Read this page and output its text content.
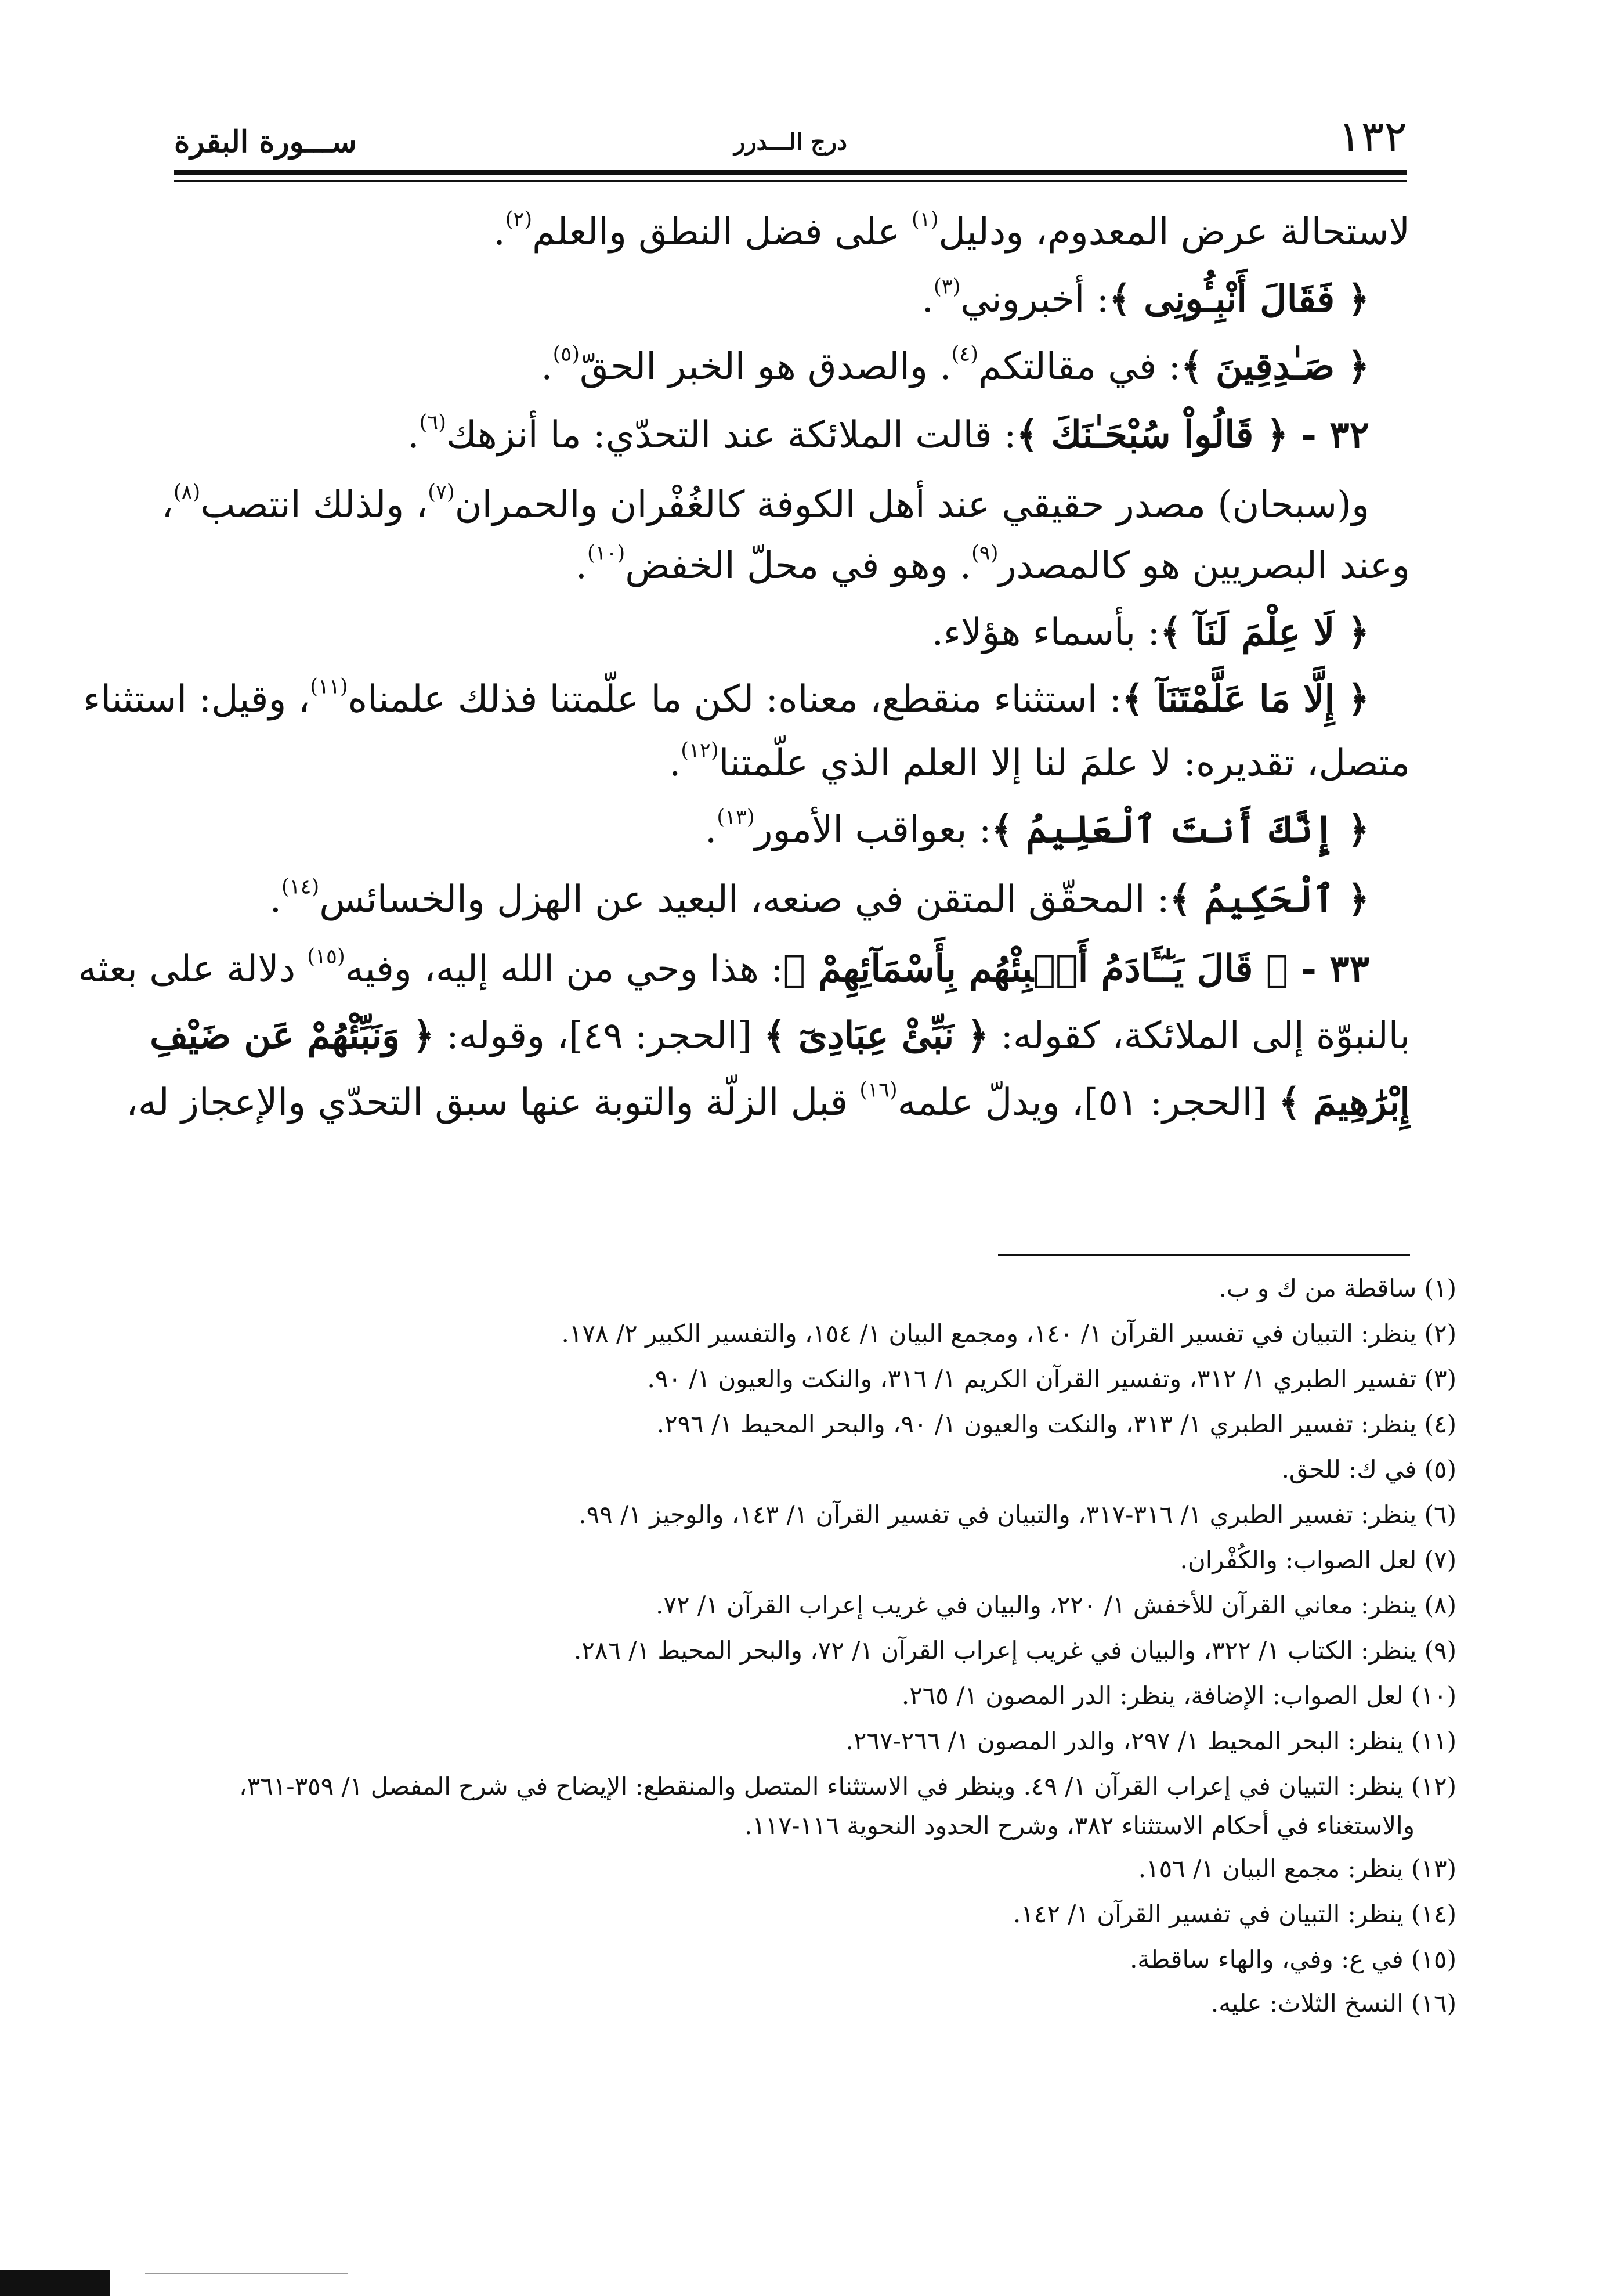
١٣٢
درج الـــدرر
ســـورة البقرة
لاستحالة عرض المعدوم، ودليل$^{(١)}$ على فضل النطق والعلم$^{(٢)}$.
﴿ فَقَالَ أَنْبِـُٔونِى ﴾: أخبروني$^{(٣)}$.
﴿ صَـٰدِقِينَ ﴾: في مقالتكم$^{(٤)}$. والصدق هو الخبر الحقّ$^{(٥)}$.
٣٢ - ﴿ قَالُواْ سُبْحَـٰنَكَ ﴾: قالت الملائكة عند التحدّي: ما أنزهك$^{(٦)}$.
و(سبحان) مصدر حقيقي عند أهل الكوفة كالغُفْران والحمران$^{(٧)}$، ولذلك انتصب$^{(٨)}$،
وعند البصريين هو كالمصدر$^{(٩)}$. وهو في محلّ الخفض$^{(١٠)}$.
﴿ لَا عِلْمَ لَنَآ ﴾: بأسماء هؤلاء.
﴿ إِلَّا مَا عَلَّمْتَنَآ ﴾: استثناء منقطع، معناه: لكن ما علّمتنا فذلك علمناه$^{(١١)}$، وقيل: استثناء
متصل، تقديره: لا علمَ لنا إلا العلم الذي علّمتنا$^{(١٢)}$.
﴿ إِنَّكَ أَنتَ ٱلْعَلِيمُ ﴾: بعواقب الأمور$^{(١٣)}$.
﴿ ٱلْحَكِيمُ ﴾: المحقّق المتقن في صنعه، البعيد عن الهزل والخسائس$^{(١٤)}$.
٣٣ - ﴿ قَالَ يَـٰٓـَٔادَمُ أَنۢبِئْهُم بِأَسْمَآئِهِمْ ﴾: هذا وحي من الله إليه، وفيه$^{(١٥)}$ دلالة على بعثه
بالنبوّة إلى الملائكة، كقوله: ﴿ نَبِّئْ عِبَادِىٓ ﴾ [الحجر: ٤٩]، وقوله: ﴿ وَنَبِّئْهُمْ عَن ضَيْفِ
إِبْرَٰهِيمَ ﴾ [الحجر: ٥١]، ويدلّ علمه$^{(١٦)}$ قبل الزلّة والتوبة عنها سبق التحدّي والإعجاز له،
(١) ساقطة من ك و ب.
(٢) ينظر: التبيان في تفسير القرآن ١/ ١٤٠، ومجمع البيان ١/ ١٥٤، والتفسير الكبير ٢/ ١٧٨.
(٣) تفسير الطبري ١/ ٣١٢، وتفسير القرآن الكريم ١/ ٣١٦، والنكت والعيون ١/ ٩٠.
(٤) ينظر: تفسير الطبري ١/ ٣١٣، والنكت والعيون ١/ ٩٠، والبحر المحيط ١/ ٢٩٦.
(٥) في ك: للحق.
(٦) ينظر: تفسير الطبري ١/ ٣١٦-٣١٧، والتبيان في تفسير القرآن ١/ ١٤٣، والوجيز ١/ ٩٩.
(٧) لعل الصواب: والكُفْران.
(٨) ينظر: معاني القرآن للأخفش ١/ ٢٢٠، والبيان في غريب إعراب القرآن ١/ ٧٢.
(٩) ينظر: الكتاب ١/ ٣٢٢، والبيان في غريب إعراب القرآن ١/ ٧٢، والبحر المحيط ١/ ٢٨٦.
(١٠) لعل الصواب: الإضافة، ينظر: الدر المصون ١/ ٢٦٥.
(١١) ينظر: البحر المحيط ١/ ٢٩٧، والدر المصون ١/ ٢٦٦-٢٦٧.
(١٢) ينظر: التبيان في إعراب القرآن ١/ ٤٩. وينظر في الاستثناء المتصل والمنقطع: الإيضاح في شرح المفصل ١/ ٣٥٩-٣٦١،
والاستغناء في أحكام الاستثناء ٣٨٢، وشرح الحدود النحوية ١١٦-١١٧.
(١٣) ينظر: مجمع البيان ١/ ١٥٦.
(١٤) ينظر: التبيان في تفسير القرآن ١/ ١٤٢.
(١٥) في ع: وفي، والهاء ساقطة.
(١٦) النسخ الثلاث: عليه.
